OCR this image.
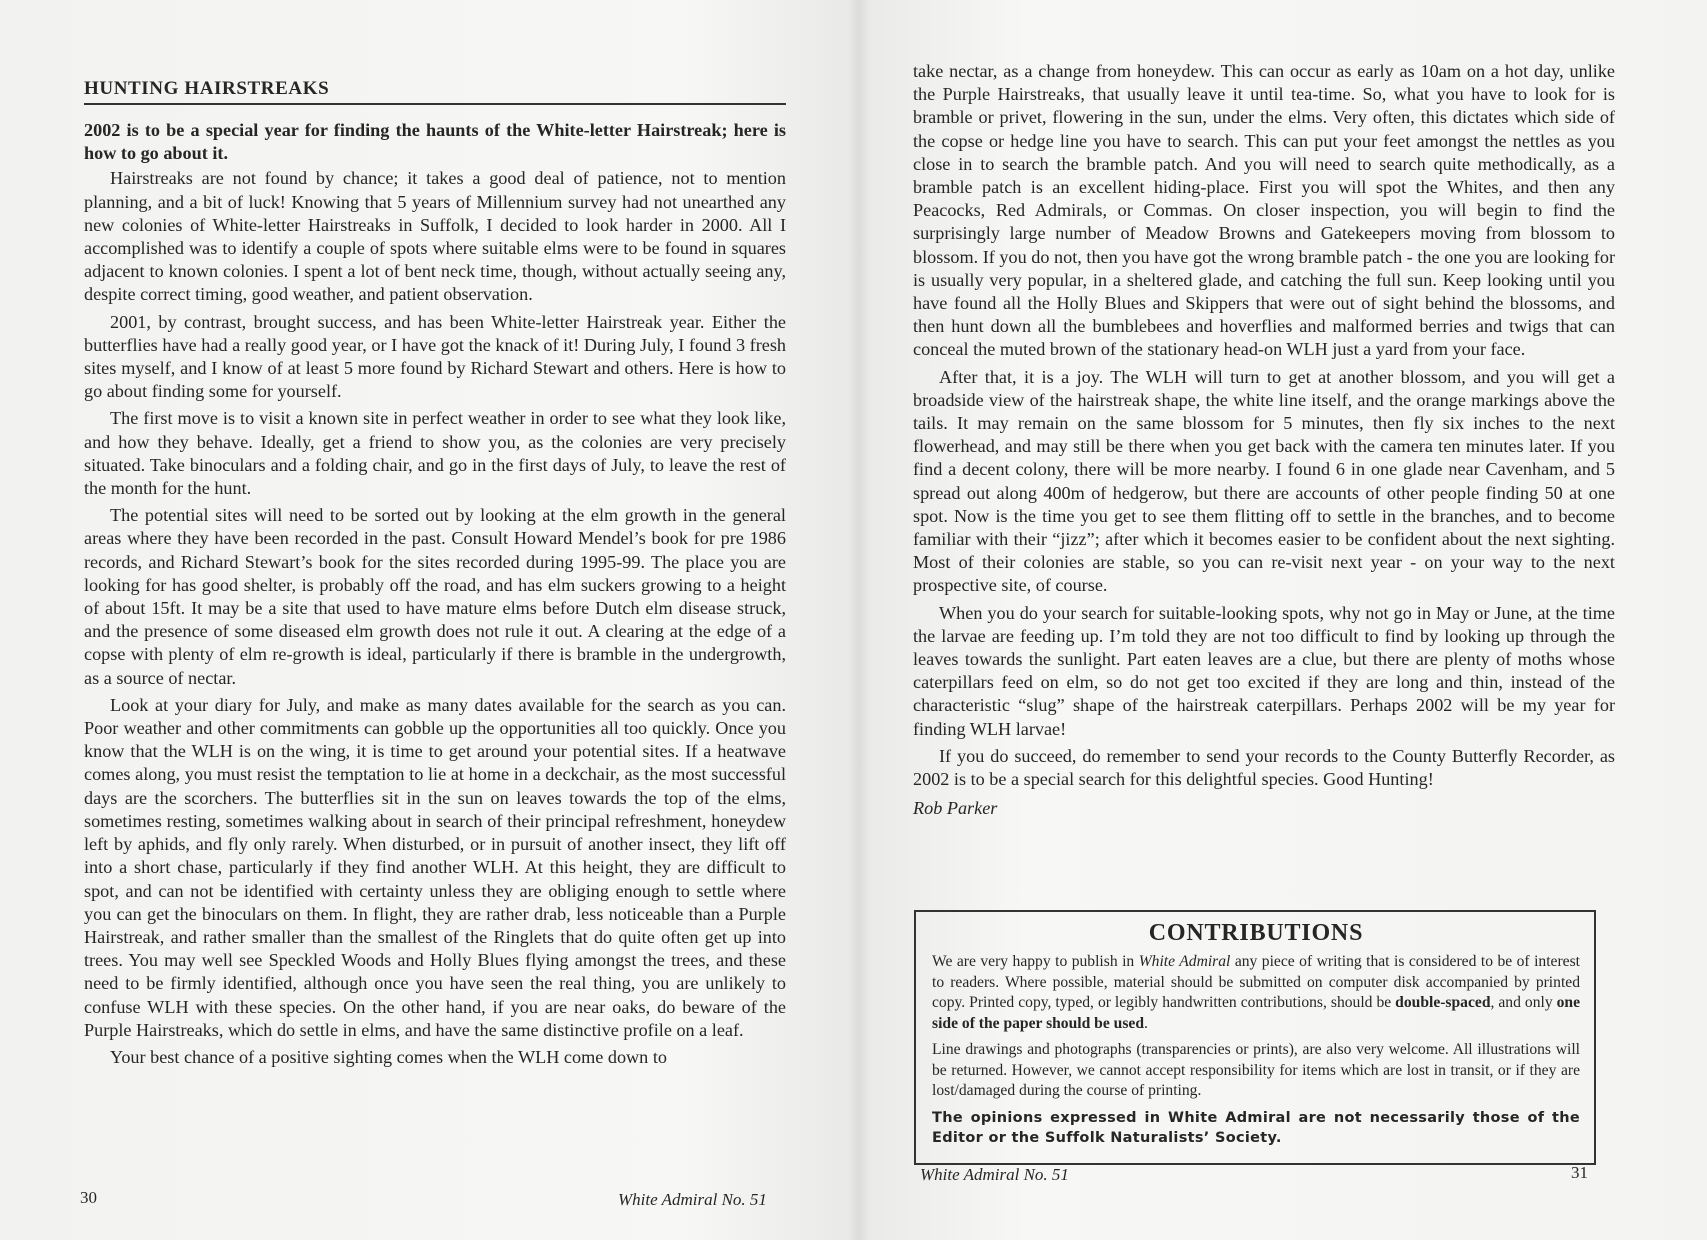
HUNTING HAIRSTREAKS

2002 is to be a special year for finding the haunts of the White-letter Hairstreak; here is how to go about it.

Hairstreaks are not found by chance; it takes a good deal of patience, not to mention planning, and a bit of luck! Knowing that 5 years of Millennium survey had not unearthed any new colonies of White-letter Hairstreaks in Suffolk, I decided to look harder in 2000. All I accomplished was to identify a couple of spots where suitable elms were to be found in squares adjacent to known colonies. I spent a lot of bent neck time, though, without actually seeing any, despite correct timing, good weather, and patient observation.

2001, by contrast, brought success, and has been White-letter Hairstreak year. Either the butterflies have had a really good year, or I have got the knack of it! During July, I found 3 fresh sites myself, and I know of at least 5 more found by Richard Stewart and others. Here is how to go about finding some for yourself.

The first move is to visit a known site in perfect weather in order to see what they look like, and how they behave. Ideally, get a friend to show you, as the colonies are very precisely situated. Take binoculars and a folding chair, and go in the first days of July, to leave the rest of the month for the hunt.

The potential sites will need to be sorted out by looking at the elm growth in the general areas where they have been recorded in the past. Consult Howard Mendel’s book for pre 1986 records, and Richard Stewart’s book for the sites recorded during 1995-99. The place you are looking for has good shelter, is probably off the road, and has elm suckers growing to a height of about 15ft. It may be a site that used to have mature elms before Dutch elm disease struck, and the presence of some diseased elm growth does not rule it out. A clearing at the edge of a copse with plenty of elm re-growth is ideal, particularly if there is bramble in the undergrowth, as a source of nectar.

Look at your diary for July, and make as many dates available for the search as you can. Poor weather and other commitments can gobble up the opportunities all too quickly. Once you know that the WLH is on the wing, it is time to get around your potential sites. If a heatwave comes along, you must resist the temptation to lie at home in a deckchair, as the most successful days are the scorchers. The butterflies sit in the sun on leaves towards the top of the elms, sometimes resting, sometimes walking about in search of their principal refreshment, honeydew left by aphids, and fly only rarely. When disturbed, or in pursuit of another insect, they lift off into a short chase, particularly if they find another WLH. At this height, they are difficult to spot, and can not be identified with certainty unless they are obliging enough to settle where you can get the binoculars on them. In flight, they are rather drab, less noticeable than a Purple Hairstreak, and rather smaller than the smallest of the Ringlets that do quite often get up into trees. You may well see Speckled Woods and Holly Blues flying amongst the trees, and these need to be firmly identified, although once you have seen the real thing, you are unlikely to confuse WLH with these species. On the other hand, if you are near oaks, do beware of the Purple Hairstreaks, which do settle in elms, and have the same distinctive profile on a leaf.

Your best chance of a positive sighting comes when the WLH come down to

30	White Admiral No. 51

take nectar, as a change from honeydew. This can occur as early as 10am on a hot day, unlike the Purple Hairstreaks, that usually leave it until tea-time. So, what you have to look for is bramble or privet, flowering in the sun, under the elms. Very often, this dictates which side of the copse or hedge line you have to search. This can put your feet amongst the nettles as you close in to search the bramble patch. And you will need to search quite methodically, as a bramble patch is an excellent hiding-place. First you will spot the Whites, and then any Peacocks, Red Admirals, or Commas. On closer inspection, you will begin to find the surprisingly large number of Meadow Browns and Gatekeepers moving from blossom to blossom. If you do not, then you have got the wrong bramble patch - the one you are looking for is usually very popular, in a sheltered glade, and catching the full sun. Keep looking until you have found all the Holly Blues and Skippers that were out of sight behind the blossoms, and then hunt down all the bumblebees and hoverflies and malformed berries and twigs that can conceal the muted brown of the stationary head-on WLH just a yard from your face.

After that, it is a joy. The WLH will turn to get at another blossom, and you will get a broadside view of the hairstreak shape, the white line itself, and the orange markings above the tails. It may remain on the same blossom for 5 minutes, then fly six inches to the next flowerhead, and may still be there when you get back with the camera ten minutes later. If you find a decent colony, there will be more nearby. I found 6 in one glade near Cavenham, and 5 spread out along 400m of hedgerow, but there are accounts of other people finding 50 at one spot. Now is the time you get to see them flitting off to settle in the branches, and to become familiar with their “jizz”; after which it becomes easier to be confident about the next sighting. Most of their colonies are stable, so you can re-visit next year - on your way to the next prospective site, of course.

When you do your search for suitable-looking spots, why not go in May or June, at the time the larvae are feeding up. I’m told they are not too difficult to find by looking up through the leaves towards the sunlight. Part eaten leaves are a clue, but there are plenty of moths whose caterpillars feed on elm, so do not get too excited if they are long and thin, instead of the characteristic “slug” shape of the hairstreak caterpillars. Perhaps 2002 will be my year for finding WLH larvae!

If you do succeed, do remember to send your records to the County Butterfly Recorder, as 2002 is to be a special search for this delightful species. Good Hunting!

Rob Parker

CONTRIBUTIONS

We are very happy to publish in White Admiral any piece of writing that is considered to be of interest to readers. Where possible, material should be submitted on computer disk accompanied by printed copy. Printed copy, typed, or legibly handwritten contributions, should be double-spaced, and only one side of the paper should be used.

Line drawings and photographs (transparencies or prints), are also very welcome. All illustrations will be returned. However, we cannot accept responsibility for items which are lost in transit, or if they are lost/damaged during the course of printing.

The opinions expressed in White Admiral are not necessarily those of the Editor or the Suffolk Naturalists’ Society.

White Admiral No. 51	31
